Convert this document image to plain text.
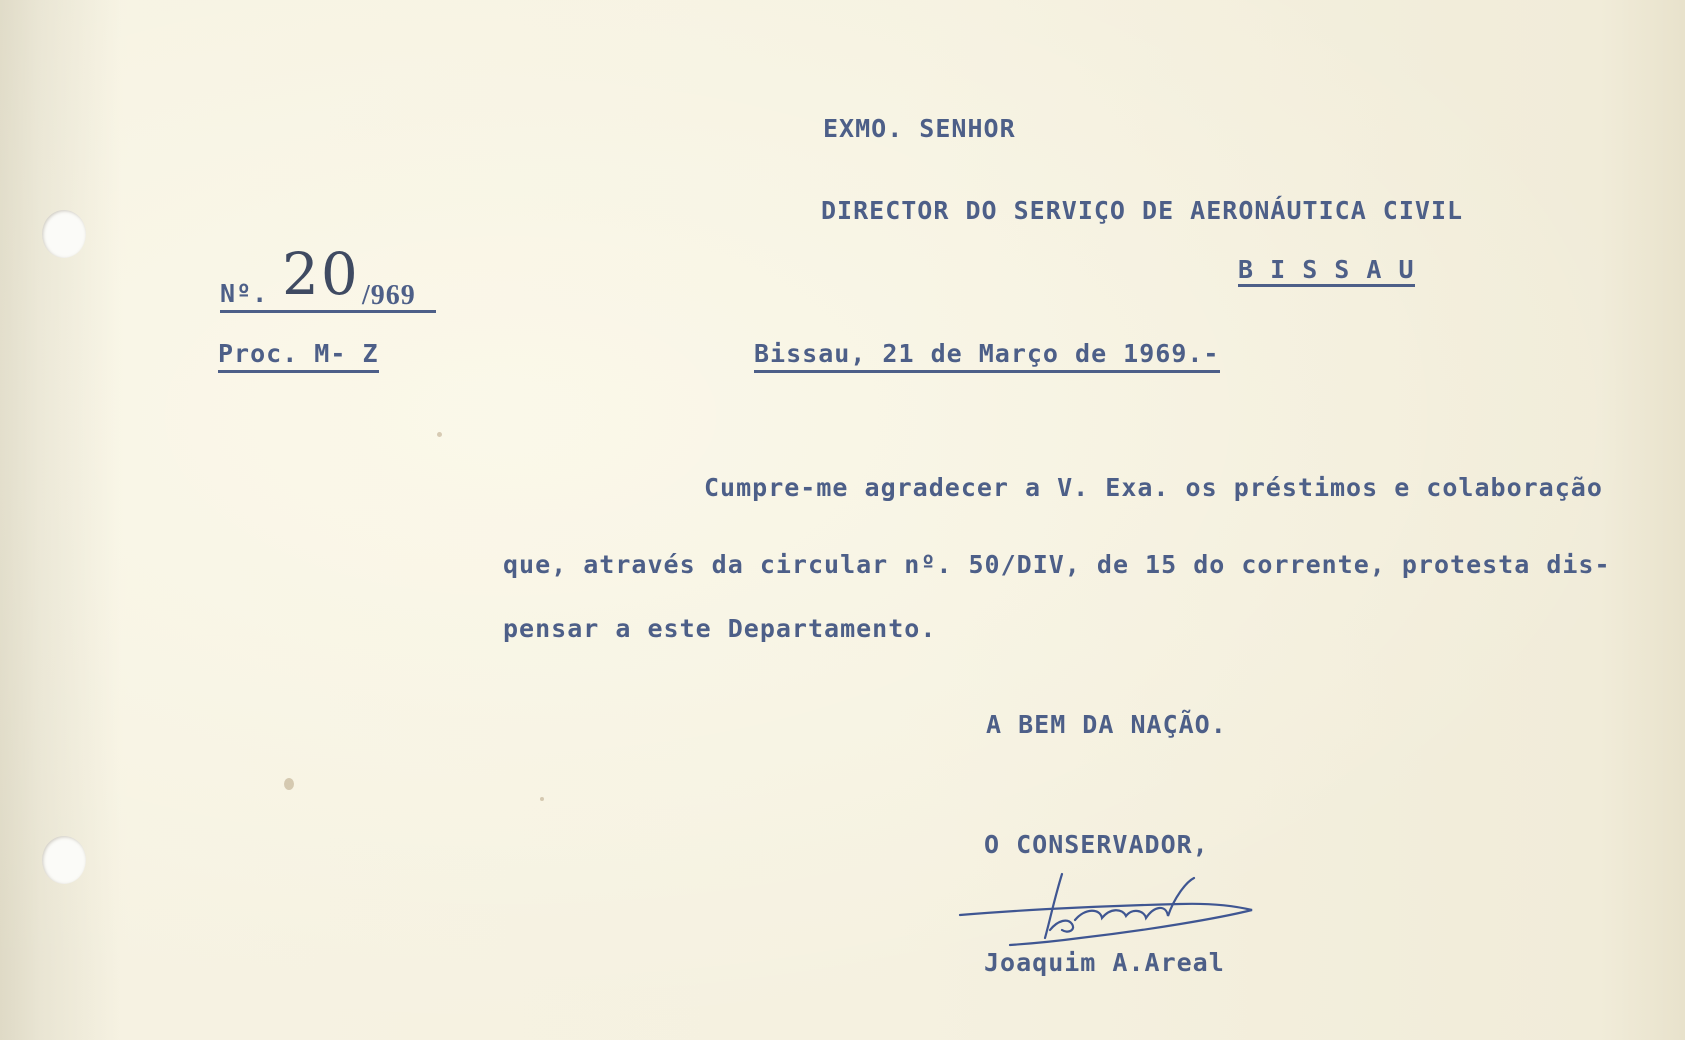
EXMO. SENHOR
DIRECTOR DO SERVIÇO DE AERONÁUTICA CIVIL
B I S S A U
Nº. 20 /969
Proc. M- Z	Bissau, 21 de Março de 1969.-
Cumpre-me agradecer a V. Exa. os préstimos e colaboração
que, através da circular nº. 50/DIV, de 15 do corrente, protesta dis-
pensar a este Departamento.
A BEM DA NAÇÃO.
O CONSERVADOR,
Joaquim A.Areal
